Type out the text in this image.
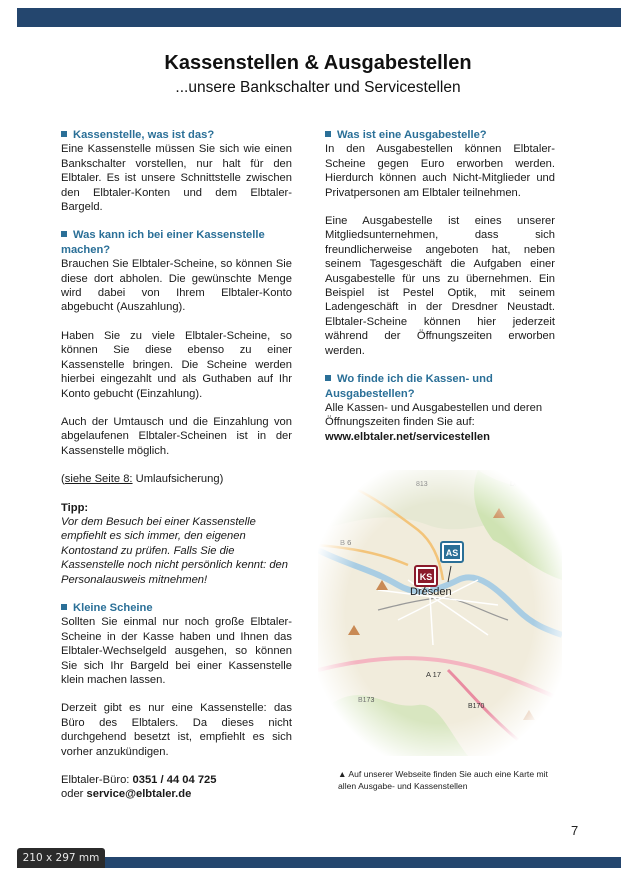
Kassenstellen & Ausgabestellen
...unsere Bankschalter und Servicestellen

Kassenstelle, was ist das?

Eine Kassenstelle müssen Sie sich wie einen Bankschalter vorstellen, nur halt für den Elbtaler. Es ist unsere Schnittstelle zwischen den Elbtaler-Konten und dem Elbtaler-Bargeld.

Was kann ich bei einer Kassenstelle machen?

Brauchen Sie Elbtaler-Scheine, so können Sie diese dort abholen. Die gewünschte Menge wird dabei von Ihrem Elbtaler-Konto abgebucht (Auszahlung).

Haben Sie zu viele Elbtaler-Scheine, so können Sie diese ebenso zu einer Kassenstelle bringen. Die Scheine werden hierbei eingezahlt und als Guthaben auf Ihr Konto gebucht (Einzahlung).

Auch der Umtausch und die Einzahlung von abgelaufenen Elbtaler-Scheinen ist in der Kassenstelle möglich.

(siehe Seite 8: Umlaufsicherung)

Tipp:

Vor dem Besuch bei einer Kassenstelle empfiehlt es sich immer, den eigenen Kontostand zu prüfen. Falls Sie die Kassenstelle noch nicht persönlich kennt: den Personalausweis mitnehmen!

Kleine Scheine

Sollten Sie einmal nur noch große Elbtaler-Scheine in der Kasse haben und Ihnen das Elbtaler-Wechselgeld ausgehen, so können Sie sich Ihr Bargeld bei einer Kassenstelle klein machen lassen.

Derzeit gibt es nur eine Kassenstelle: das Büro des Elbtalers. Da dieses nicht durchgehend besetzt ist, empfiehlt es sich vorher anzukündigen.

Elbtaler-Büro: 0351 / 44 04 725

oder service@elbtaler.de

Was ist eine Ausgabestelle?

In den Ausgabestellen können Elbtaler-Scheine gegen Euro erworben werden. Hierdurch können auch Nicht-Mitglieder und Privatpersonen am Elbtaler teilnehmen.

Eine Ausgabestelle ist eines unserer Mitgliedsunternehmen, dass sich freundlicherweise angeboten hat, neben seinem Tagesgeschäft die Aufgaben einer Ausgabestelle für uns zu übernehmen. Ein Beispiel ist Pestel Optik, mit seinem Ladengeschäft in der Dresdner Neustadt. Elbtaler-Scheine können hier jederzeit während der Öffnungszeiten erworben werden.

Wo finde ich die Kassen- und Ausgabestellen?

Alle Kassen- und Ausgabestellen und deren Öffnungszeiten finden Sie auf:

www.elbtaler.net/servicestellen

▲ Auf unserer Webseite finden Sie auch eine Karte mit allen Ausgabe- und Kassenstellen
7
210 x 297 mm
